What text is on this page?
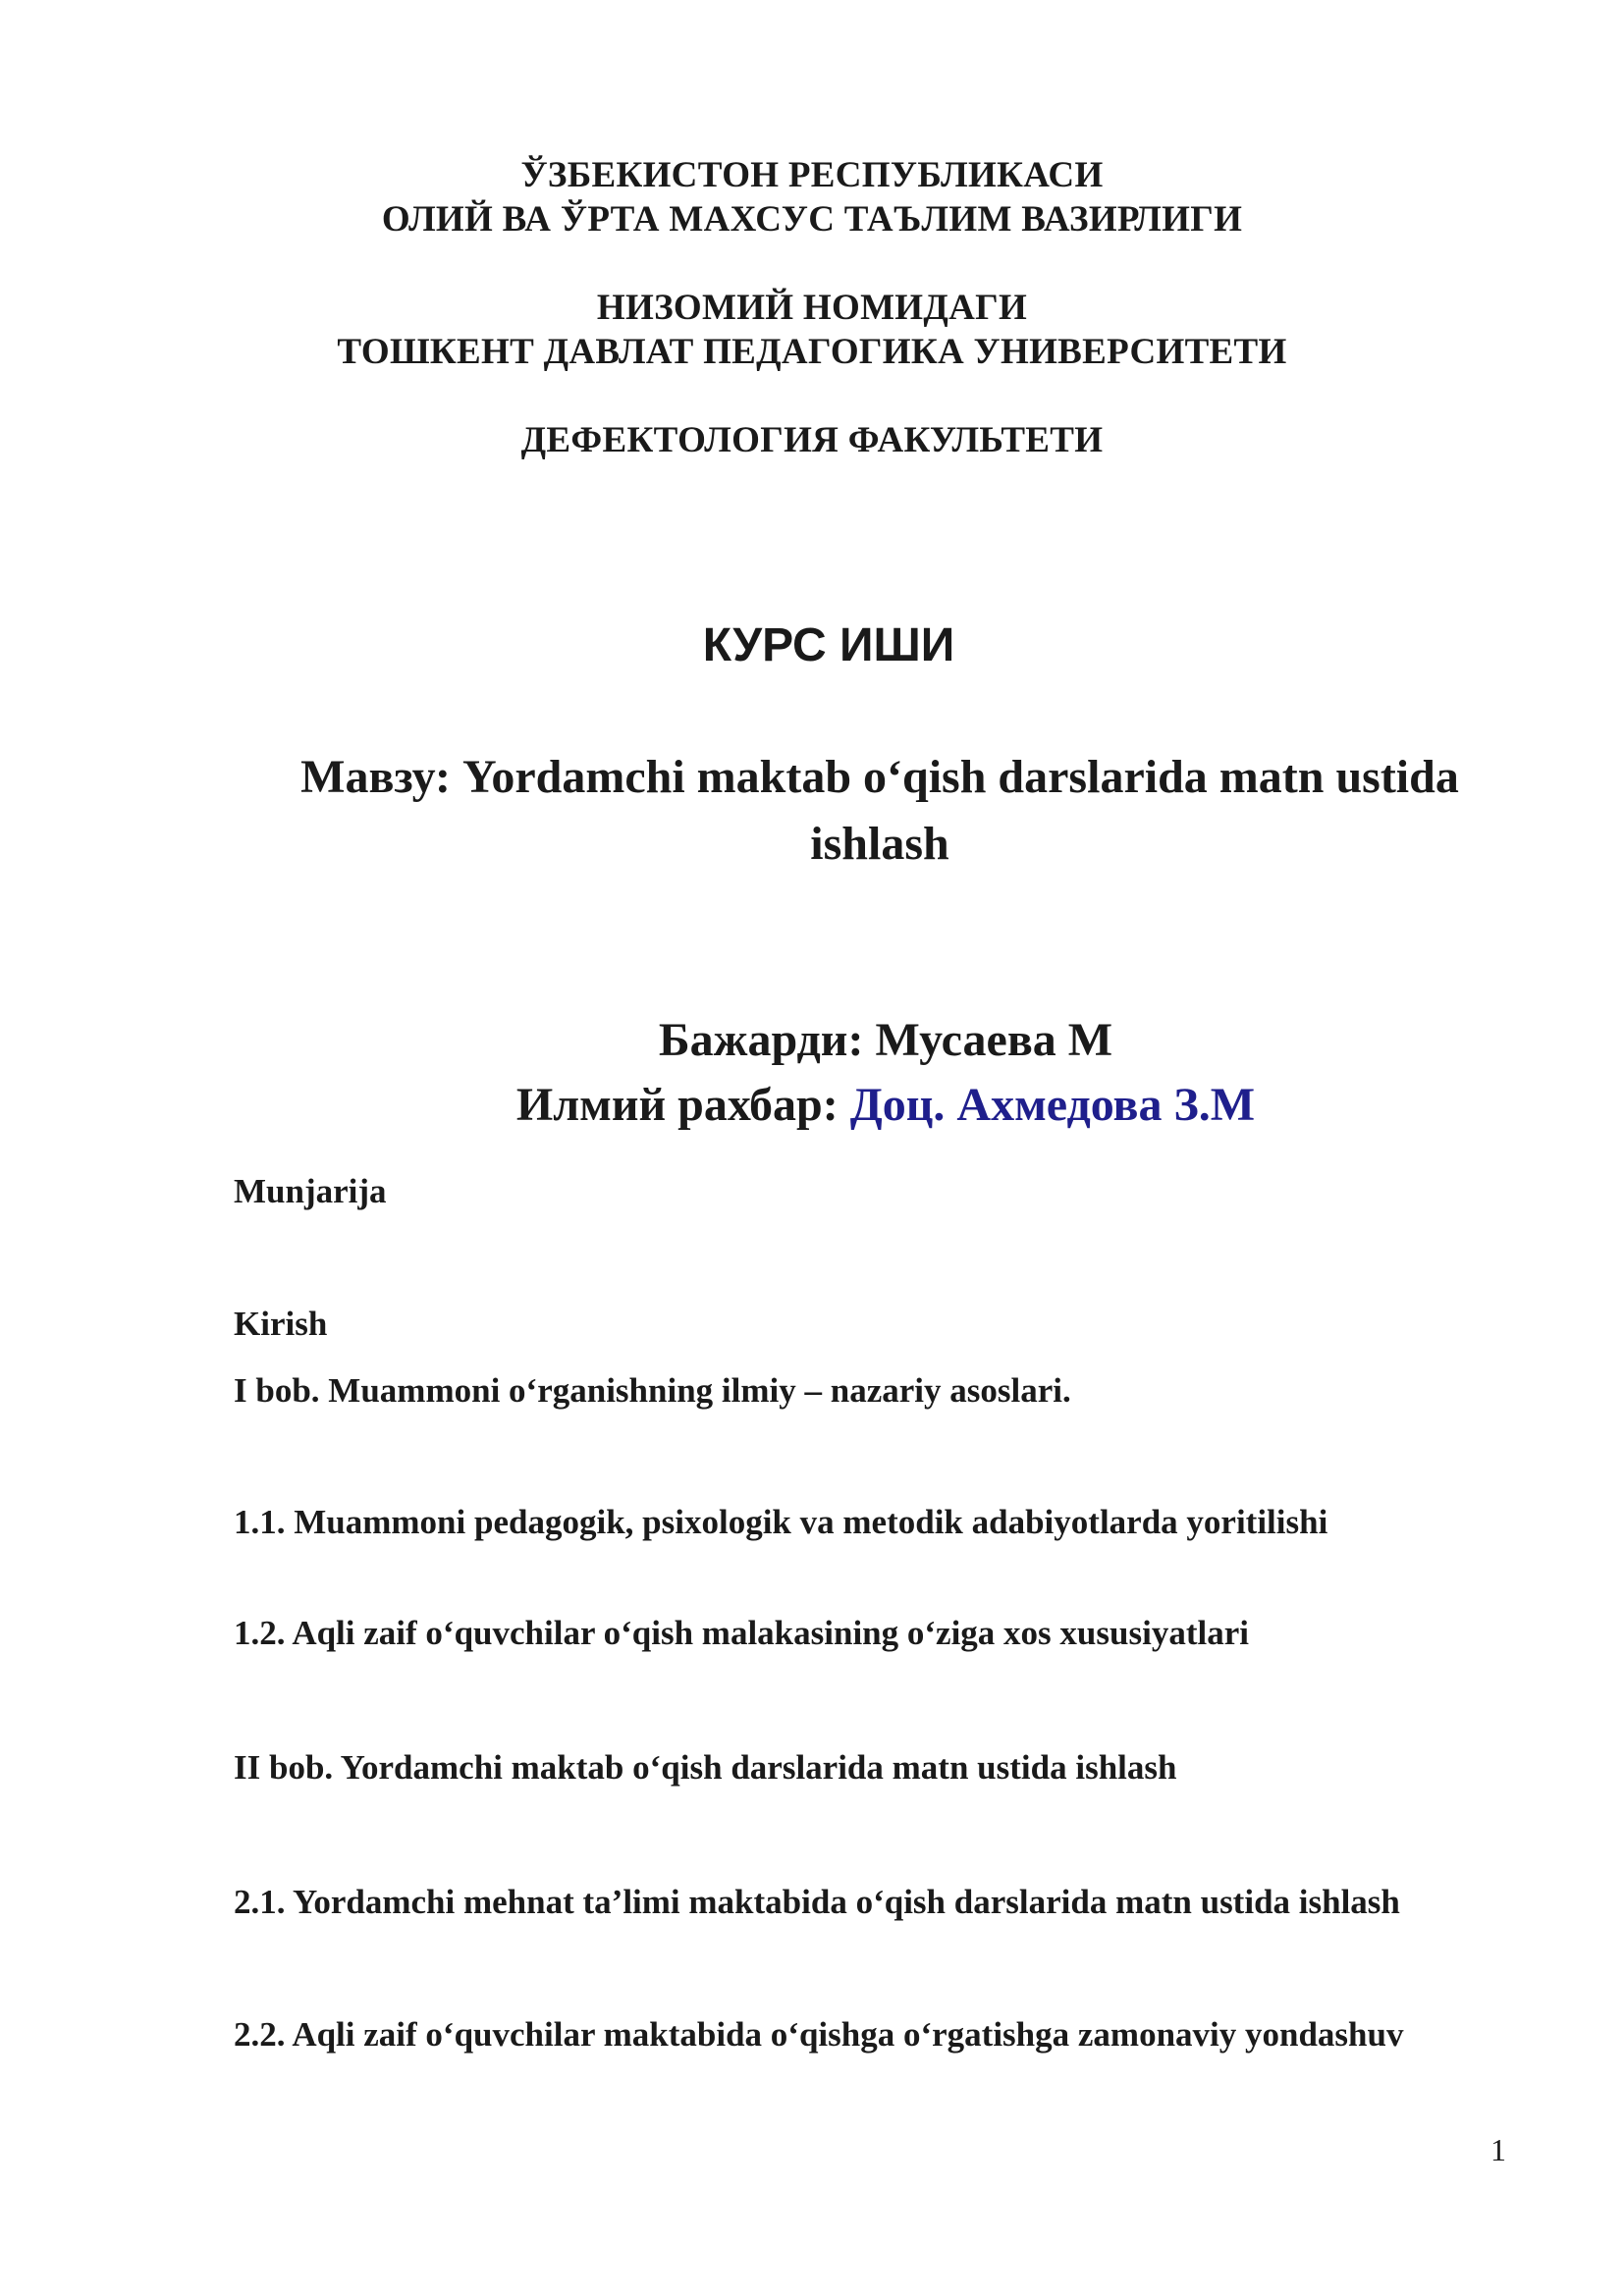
ЎЗБЕКИСТОН РЕСПУБЛИКАСИ
ОЛИЙ ВА ЎРТА МАХСУС ТАЪЛИМ ВАЗИРЛИГИ
НИЗОМИЙ НОМИДАГИ
ТОШКЕНТ ДАВЛАТ ПЕДАГОГИКА УНИВЕРСИТЕТИ
ДЕФЕКТОЛОГИЯ ФАКУЛЬТЕТИ
КУРС ИШИ
Мавзу: Yordamchi maktab o‘qish darslarida matn ustida ishlash
Бажарди: Мусаева М
Илмий рахбар: Доц. Ахмедова З.М
Munjarija
Kirish
I bob. Muammoni o‘rganishning ilmiy – nazariy asoslari.
1.1. Muammoni pedagogik, psixologik va metodik adabiyotlarda yoritilishi
1.2. Aqli zaif o‘quvchilar o‘qish malakasining o‘ziga xos xususiyatlari
II bob. Yordamchi maktab o‘qish darslarida matn ustida ishlash
2.1. Yordamchi mehnat ta’limi maktabida o‘qish darslarida matn ustida ishlash
2.2. Aqli zaif o‘quvchilar maktabida o‘qishga o‘rgatishga zamonaviy yondashuv
1
